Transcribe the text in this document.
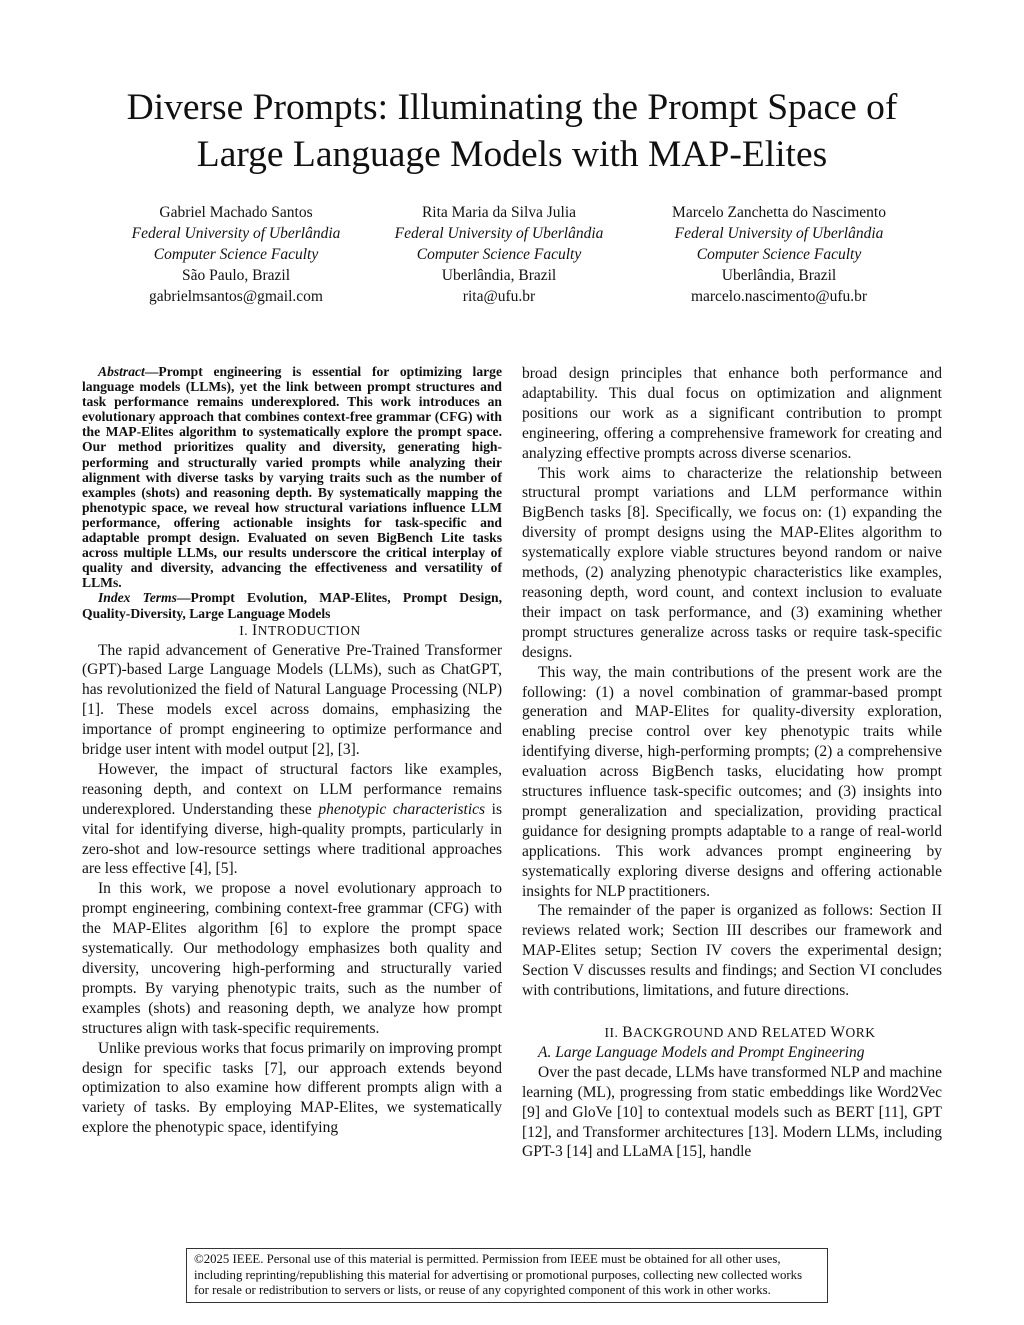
Diverse Prompts: Illuminating the Prompt Space of
Large Language Models with MAP-Elites
Gabriel Machado Santos
Federal University of Uberlândia
Computer Science Faculty
São Paulo, Brazil
gabrielmsantos@gmail.com
Rita Maria da Silva Julia
Federal University of Uberlândia
Computer Science Faculty
Uberlândia, Brazil
rita@ufu.br
Marcelo Zanchetta do Nascimento
Federal University of Uberlândia
Computer Science Faculty
Uberlândia, Brazil
marcelo.nascimento@ufu.br

Abstract—Prompt engineering is essential for optimizing large language models (LLMs), yet the link between prompt structures and task performance remains underexplored. This work introduces an evolutionary approach that combines context-free grammar (CFG) with the MAP-Elites algorithm to systematically explore the prompt space. Our method prioritizes quality and diversity, generating high-performing and structurally varied prompts while analyzing their alignment with diverse tasks by varying traits such as the number of examples (shots) and reasoning depth. By systematically mapping the phenotypic space, we reveal how structural variations influence LLM performance, offering actionable insights for task-specific and adaptable prompt design. Evaluated on seven BigBench Lite tasks across multiple LLMs, our results underscore the critical interplay of quality and diversity, advancing the effectiveness and versatility of LLMs.

Index Terms—Prompt Evolution, MAP-Elites, Prompt Design, Quality-Diversity, Large Language Models

I. INTRODUCTION

The rapid advancement of Generative Pre-Trained Transformer (GPT)-based Large Language Models (LLMs), such as ChatGPT, has revolutionized the field of Natural Language Processing (NLP) [1]. These models excel across domains, emphasizing the importance of prompt engineering to optimize performance and bridge user intent with model output [2], [3].

However, the impact of structural factors like examples, reasoning depth, and context on LLM performance remains underexplored. Understanding these phenotypic characteristics is vital for identifying diverse, high-quality prompts, particularly in zero-shot and low-resource settings where traditional approaches are less effective [4], [5].

In this work, we propose a novel evolutionary approach to prompt engineering, combining context-free grammar (CFG) with the MAP-Elites algorithm [6] to explore the prompt space systematically. Our methodology emphasizes both quality and diversity, uncovering high-performing and structurally varied prompts. By varying phenotypic traits, such as the number of examples (shots) and reasoning depth, we analyze how prompt structures align with task-specific requirements.

Unlike previous works that focus primarily on improving prompt design for specific tasks [7], our approach extends beyond optimization to also examine how different prompts align with a variety of tasks. By employing MAP-Elites, we systematically explore the phenotypic space, identifying

broad design principles that enhance both performance and adaptability. This dual focus on optimization and alignment positions our work as a significant contribution to prompt engineering, offering a comprehensive framework for creating and analyzing effective prompts across diverse scenarios.

This work aims to characterize the relationship between structural prompt variations and LLM performance within BigBench tasks [8]. Specifically, we focus on: (1) expanding the diversity of prompt designs using the MAP-Elites algorithm to systematically explore viable structures beyond random or naive methods, (2) analyzing phenotypic characteristics like examples, reasoning depth, word count, and context inclusion to evaluate their impact on task performance, and (3) examining whether prompt structures generalize across tasks or require task-specific designs.

This way, the main contributions of the present work are the following: (1) a novel combination of grammar-based prompt generation and MAP-Elites for quality-diversity exploration, enabling precise control over key phenotypic traits while identifying diverse, high-performing prompts; (2) a comprehensive evaluation across BigBench tasks, elucidating how prompt structures influence task-specific outcomes; and (3) insights into prompt generalization and specialization, providing practical guidance for designing prompts adaptable to a range of real-world applications. This work advances prompt engineering by systematically exploring diverse designs and offering actionable insights for NLP practitioners.

The remainder of the paper is organized as follows: Section II reviews related work; Section III describes our framework and MAP-Elites setup; Section IV covers the experimental design; Section V discusses results and findings; and Section VI concludes with contributions, limitations, and future directions.

II. BACKGROUND AND RELATED WORK

A. Large Language Models and Prompt Engineering

Over the past decade, LLMs have transformed NLP and machine learning (ML), progressing from static embeddings like Word2Vec [9] and GloVe [10] to contextual models such as BERT [11], GPT [12], and Transformer architectures [13]. Modern LLMs, including GPT-3 [14] and LLaMA [15], handle

©2025 IEEE. Personal use of this material is permitted. Permission from IEEE must be obtained for all other uses, including reprinting/republishing this material for advertising or promotional purposes, collecting new collected works for resale or redistribution to servers or lists, or reuse of any copyrighted component of this work in other works.
